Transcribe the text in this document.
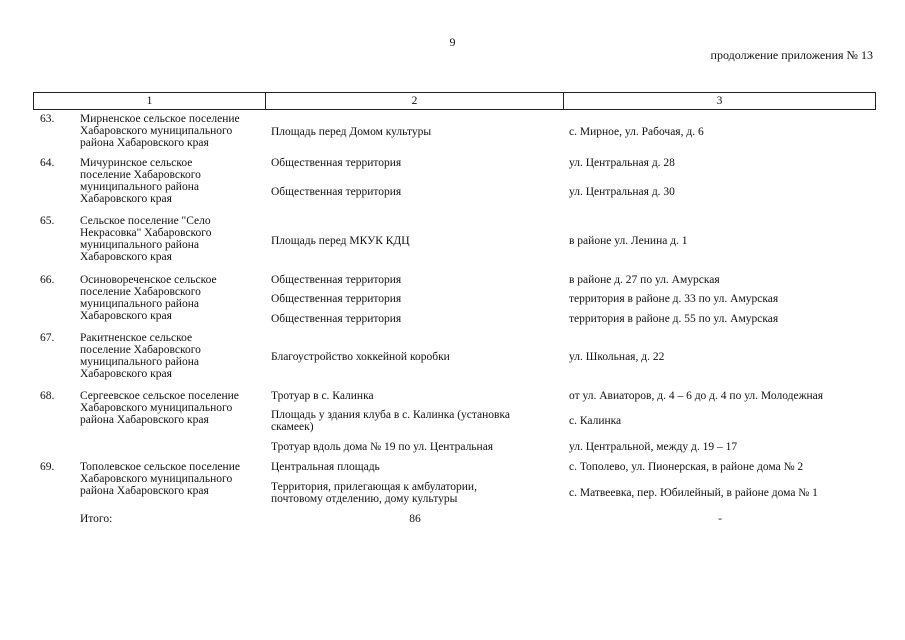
9
продолжение приложения № 13
1	2	3
63. Мирненское сельское поселение
Хабаровского муниципального
района Хабаровского края
Площадь перед Домом культуры	с. Мирное, ул. Рабочая, д. 6
64. Мичуринское сельское
поселение Хабаровского
муниципального района
Хабаровского края
Общественная территория	ул. Центральная д. 28
Общественная территория	ул. Центральная д. 30
65. Сельское поселение "Село
Некрасовка" Хабаровского
муниципального района
Хабаровского края
Площадь перед МКУК КДЦ	в районе ул. Ленина д. 1
66. Осиновореченское сельское
поселение Хабаровского
муниципального района
Хабаровского края
Общественная территория	в районе д. 27 по ул. Амурская
Общественная территория	территория в районе д. 33 по ул. Амурская
Общественная территория	территория в районе д. 55 по ул. Амурская
67. Ракитненское сельское
поселение Хабаровского
муниципального района
Хабаровского края
Благоустройство хоккейной коробки	ул. Школьная, д. 22
68. Сергеевское сельское поселение
Хабаровского муниципального
района Хабаровского края
Тротуар в с. Калинка	от ул. Авиаторов, д. 4 – 6 до д. 4 по ул. Молодежная
Площадь у здания клуба в с. Калинка (установка
скамеек)	с. Калинка
Тротуар вдоль дома № 19 по ул. Центральная	ул. Центральной, между д. 19 – 17
69. Тополевское сельское поселение
Хабаровского муниципального
района Хабаровского края
Центральная площадь	с. Тополево, ул. Пионерская, в районе дома № 2
Территория, прилегающая к амбулатории,
почтовому отделению, дому культуры	с. Матвеевка, пер. Юбилейный, в районе дома № 1
Итого:	86	-
